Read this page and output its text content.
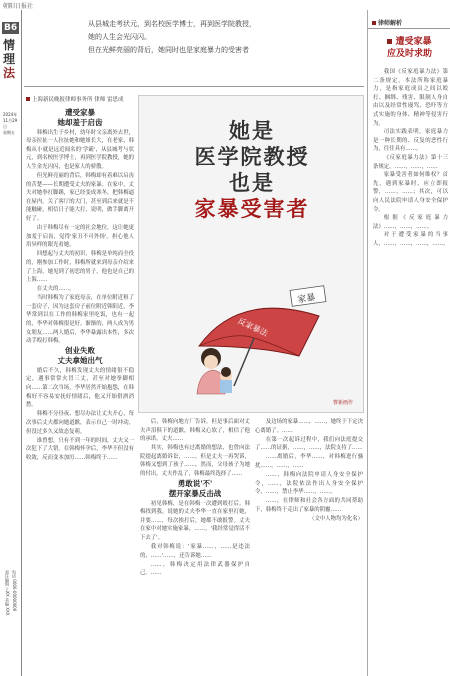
朝阳日报社
B6
情理
法
2024年
11月29日
星期五
责任编辑 王XX 美编 XXX 电话 0000-00000000

从县城走考状元，到名校医学博士，再到医学院教授，

她的人生会光闪闪。

但在光鲜亮丽的背后，她同时也是家庭暴力的受害者

上海新民晚报律师事务所 律师 雷思成

遭受家暴
她却羞于启齿

韩梅出生于乡村，幼年时父亲离外去世，母亲拉扯一人拉扯她和她姐长大，在老家，韩梅从小就是远近闻名的'学霸'，从县城考与状元，到名校医学博士，再到医学院教授，她的人生金光闪闪，也是家人的骄傲。

但光鲜亮丽的背后，韩梅却有着难以启齿的苦楚——长期遭受丈夫的家暴。在家中，丈夫对她拳打脚踢，家已经变成寒冬，把韩梅逼在屋内。关了客厅的大门，甚至到后来就是不能触碰，相信日子能大打，说明，做手脚离开好了。

由于韩梅尽有一定的社会地位，这让她更加羞于启齿，觉得'家丑不可外扬'。担心他人用异样的眼光看她。

回想起与丈夫的初识，韩梅是单纯而全役的，刚参加工作时，韩梅所就来到母亲介绍来了上海，她见到了初恋的男子，他也是自己的上海……

在丈夫的……。

当时韩梅为了家庭母亲，在单位附近租了一套房子，因为这套房子前位附近韩阳近，李华常到以在工作的韩梅家里吃饭，也有一起的，李华对韩梅很是好。渐渐的，两人成为男女朋友……两人婚后，李华暴露出本性，多次动手殴打韩梅。

创业失败
丈夫拿她出气

婚后不久，韩梅发现丈夫的情绪很不稳定，遇事常常火冒三丈，甚至对她拳脚相向……第二次当场，李华居然开始抱怨，在韩梅好不容易安抚好情绪后，他又开始借酒消愁。

韩梅不分昼夜、想尽办法让丈夫开心，每次事后丈夫都向她道歉，表示自己一时冲动，但没过多久又故态复萌。

谁曾想，只有不到一年的时间，丈夫又一次犯下了大错。在韩梅怀孕后，李华不但没有收敛，反而变本加厉……韩梅终于……

她是
医学院教授
也是
家暴受害者
家暴
反家暴法
曹新画作

后，韩梅向地方厂告诉，但是事后面对丈夫声泪俱下的道歉，韩梅又心软了，相信了他的承诺。丈夫……

其实，韩梅也有过离婚的想法，也曾向法院提起离婚诉讼，……，但是丈夫一再哭诉，韩梅又想到了孩子……，然而，父母孩子为她的付出，丈夫作乱了，韩梅最终选择了……

勇敢说'不'
摆开家暴反击战

初见韩梅，是在韩梅一次遭到殴打后。韩梅找到我，说她的丈夫李华一直在家里打她，并要……，每次挨打后，她都不敢报警。丈夫在家中对她实施家暴，……，'我经常觉得活不下去了'。

我对韩梅说：'家暴……，……是违法的，……'……，还告诉她……

……，韩梅决定用法律武器保护自己。……

及边场的家暴……，……，她终于下定决心离婚了。……

在第一次起诉过程中，我们向法庭提交了……的证据，……，……，法院支持了……

……离婚后，李华……，对韩梅进行骚扰……，……，……

……，韩梅向法院申请人身安全保护令，……，法院依法作出人身安全保护令，……，禁止李华……，……。

……，在律师和社会各方面的共同帮助下，韩梅终于走出了家暴的阴霾……

（文中人物均为化名）

律师解析
遭受家暴
应及时求助

我国《反家庭暴力法》第二条规定，本法所称家庭暴力，是指家庭成员之间以殴打、捆绑、残害、限制人身自由以及经常性谩骂、恐吓等方式实施的身体、精神等侵害行为。

司法实践表明，家庭暴力是一种长期的、反复的恶性行为，往往具有……。

《反家庭暴力法》第十三条规定，……，……，……

家暴受害者如何维权？首先，遇到家暴时，应立即报警，……，……；其次，可以向人民法院申请人身安全保护令。

根据《反家庭暴力法》……，……，……。

对于遭受家暴的当事人，……，……，……，……。
